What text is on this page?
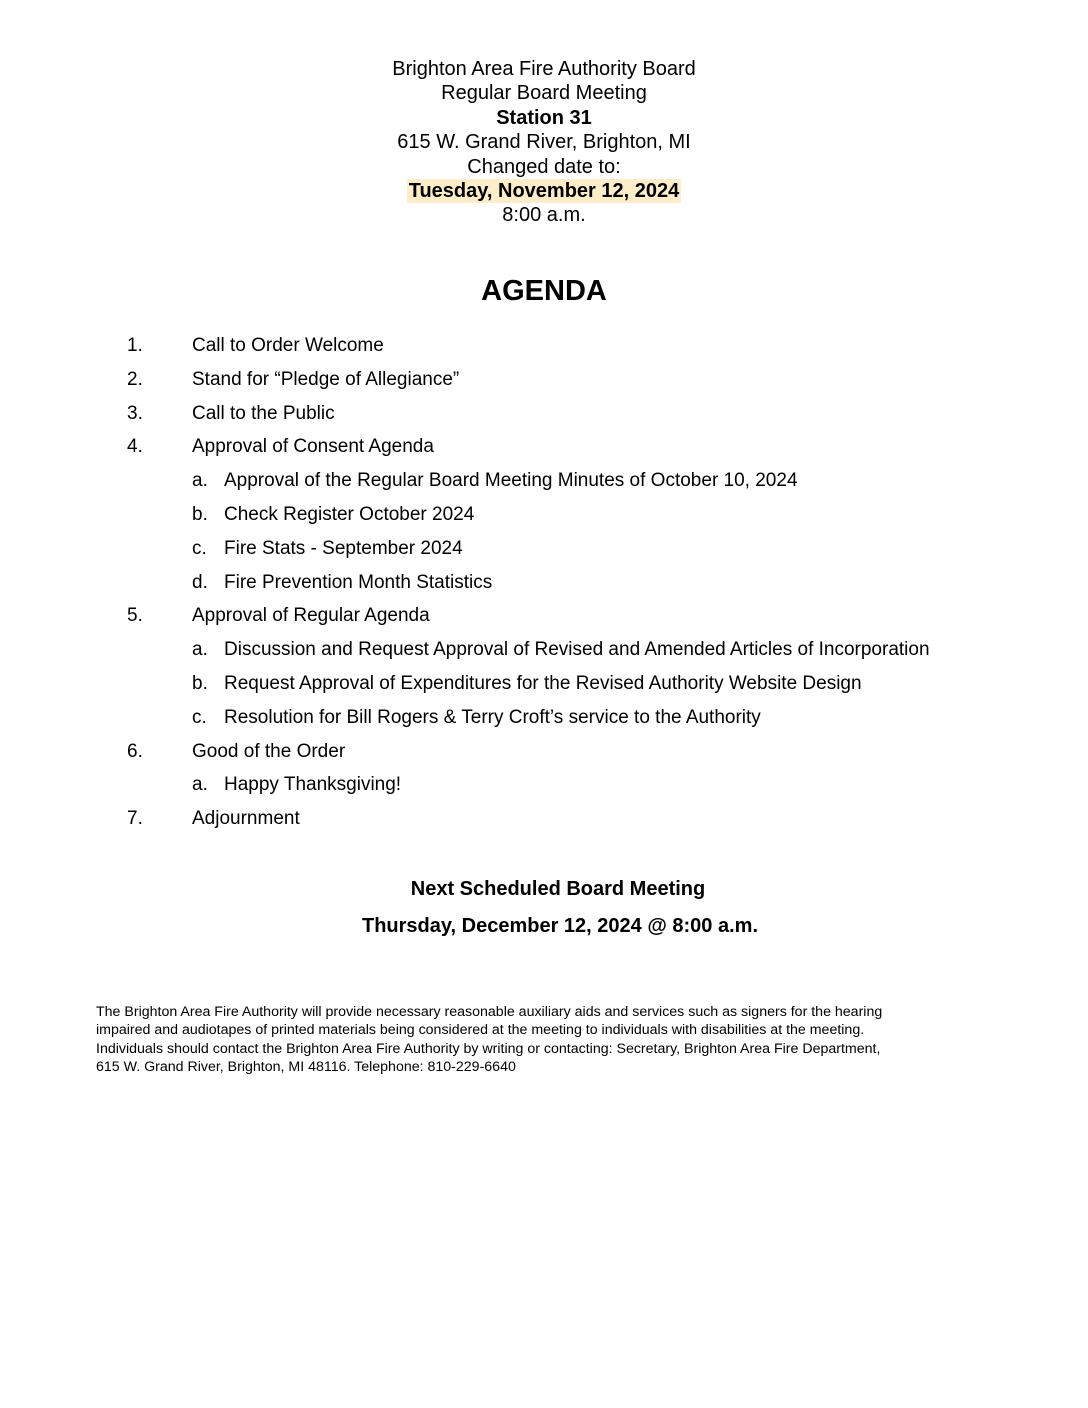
Brighton Area Fire Authority Board
Regular Board Meeting
Station 31
615 W. Grand River, Brighton, MI
Changed date to:
Tuesday, November 12, 2024
8:00 a.m.
AGENDA
1.	Call to Order Welcome
2.	Stand for “Pledge of Allegiance”
3.	Call to the Public
4.	Approval of Consent Agenda
a. Approval of the Regular Board Meeting Minutes of October 10, 2024
b. Check Register October 2024
c. Fire Stats - September 2024
d. Fire Prevention Month Statistics
5.	Approval of Regular Agenda
a. Discussion and Request Approval of Revised and Amended Articles of Incorporation
b. Request Approval of Expenditures for the Revised Authority Website Design
c. Resolution for Bill Rogers & Terry Croft’s service to the Authority
6.	Good of the Order
a. Happy Thanksgiving!
7.	Adjournment
Next Scheduled Board Meeting
Thursday, December 12, 2024 @ 8:00 a.m.
The Brighton Area Fire Authority will provide necessary reasonable auxiliary aids and services such as signers for the hearing
impaired and audiotapes of printed materials being considered at the meeting to individuals with disabilities at the meeting.
Individuals should contact the Brighton Area Fire Authority by writing or contacting: Secretary, Brighton Area Fire Department,
615 W. Grand River, Brighton, MI 48116. Telephone: 810-229-6640
